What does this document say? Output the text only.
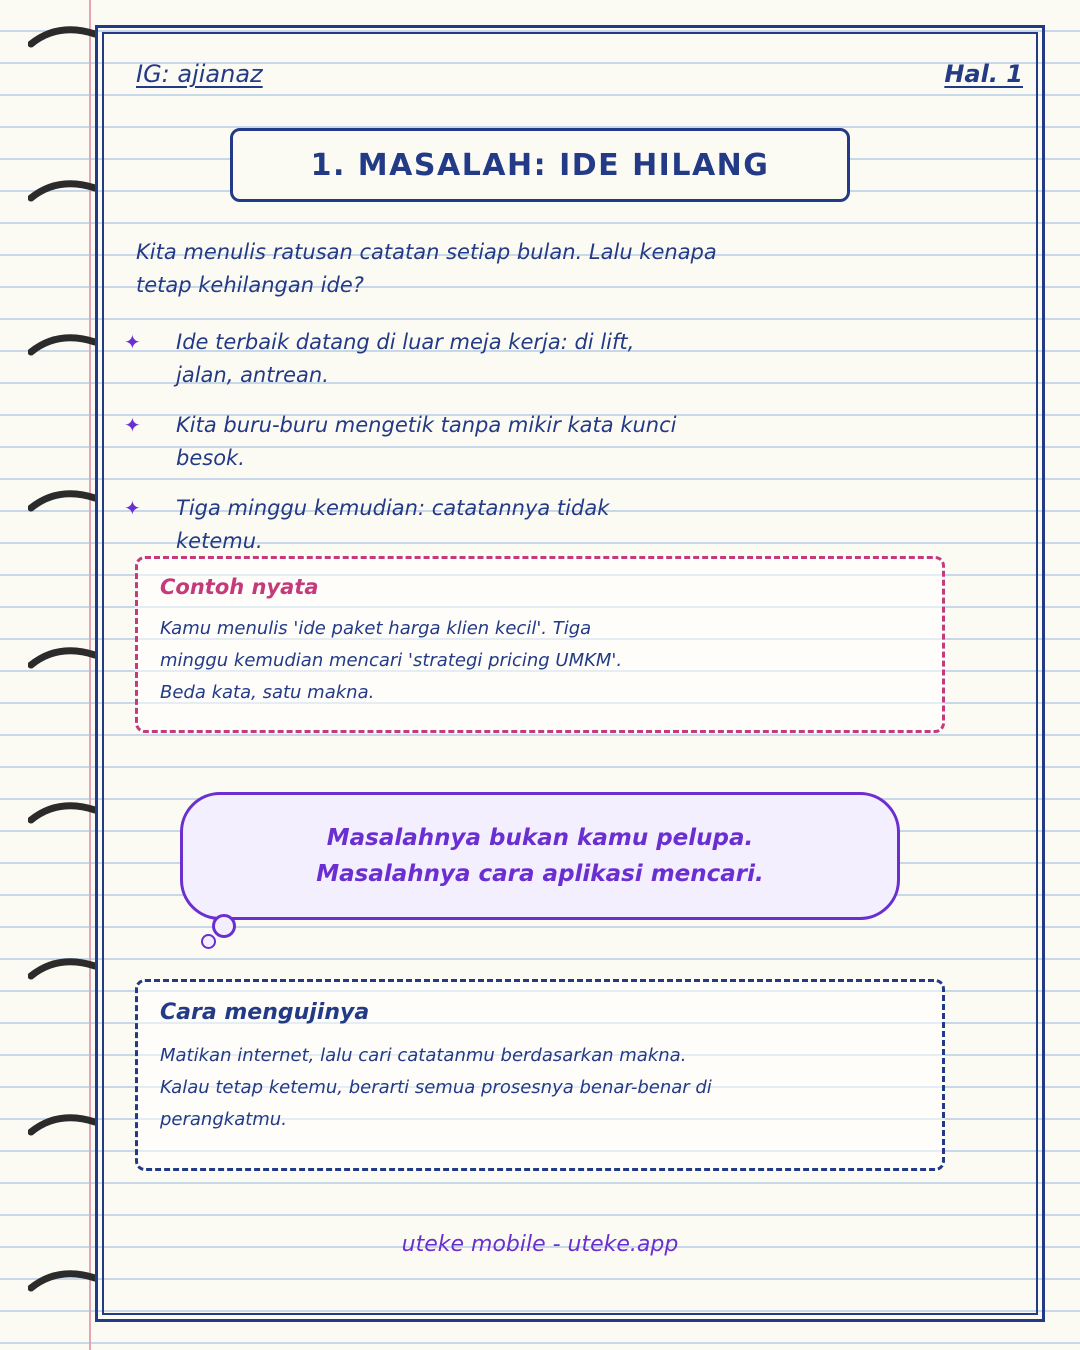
IG: ajianaz	Hal. 1
1. MASALAH: IDE HILANG
Kita menulis ratusan catatan setiap bulan. Lalu kenapa tetap kehilangan ide?
✦	Ide terbaik datang di luar meja kerja: di lift, jalan, antrean.
✦	Kita buru-buru mengetik tanpa mikir kata kunci besok.
✦	Tiga minggu kemudian: catatannya tidak ketemu.
Contoh nyata
Kamu menulis 'ide paket harga klien kecil'. Tiga minggu kemudian mencari 'strategi pricing UMKM'. Beda kata, satu makna.
Masalahnya bukan kamu pelupa. Masalahnya cara aplikasi mencari.
Cara mengujinya
Matikan internet, lalu cari catatanmu berdasarkan makna. Kalau tetap ketemu, berarti semua prosesnya benar-benar di perangkatmu.
uteke mobile - uteke.app
